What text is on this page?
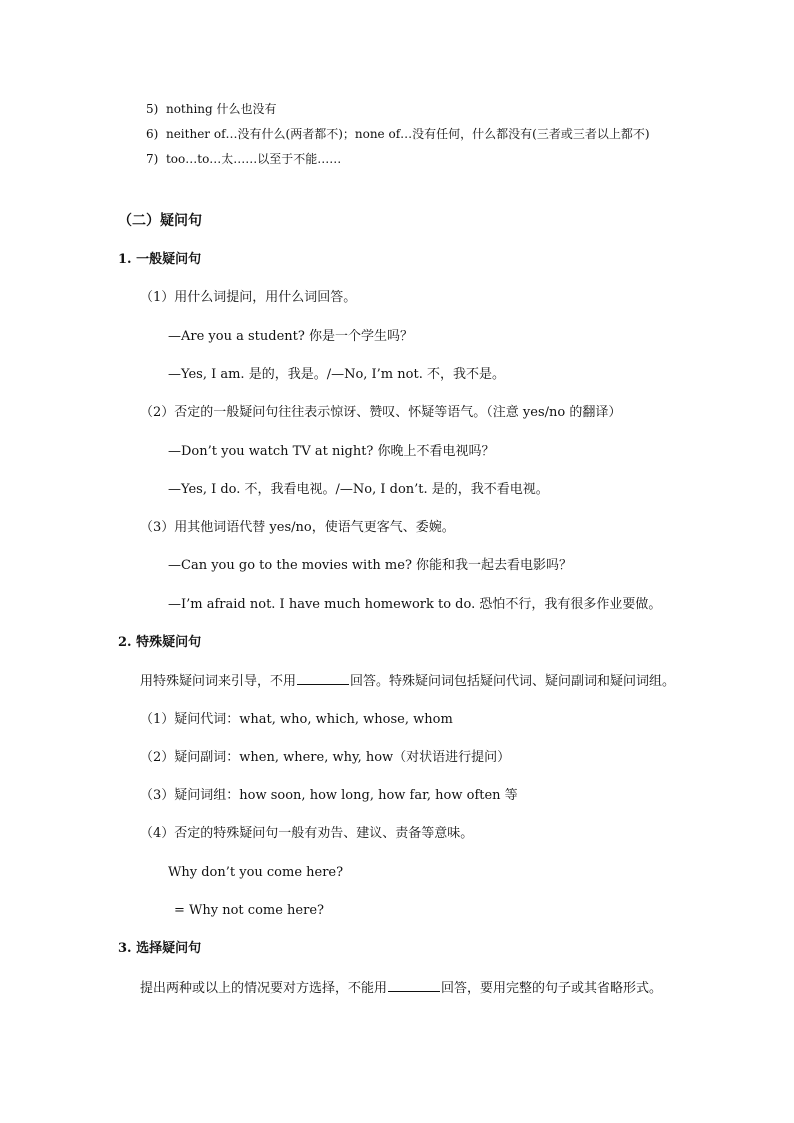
5) nothing 什么也没有
6) neither of…没有什么(两者都不)；none of…没有任何，什么都没有(三者或三者以上都不)
7) too…to…太……以至于不能……
（二）疑问句
1. 一般疑问句
（1）用什么词提问，用什么词回答。
—Are you a student? 你是一个学生吗？
—Yes, I am. 是的，我是。/—No, I’m not. 不，我不是。
（2）否定的一般疑问句往往表示惊讶、赞叹、怀疑等语气。（注意 yes/no 的翻译）
—Don’t you watch TV at night? 你晚上不看电视吗？
—Yes, I do. 不，我看电视。/—No, I don’t. 是的，我不看电视。
（3）用其他词语代替 yes/no，使语气更客气、委婉。
—Can you go to the movies with me? 你能和我一起去看电影吗？
—I’m afraid not. I have much homework to do. 恐怕不行，我有很多作业要做。
2. 特殊疑问句
用特殊疑问词来引导，不用	回答。特殊疑问词包括疑问代词、疑问副词和疑问词组。
（1）疑问代词：what, who, which, whose, whom
（2）疑问副词：when, where, why, how（对状语进行提问）
（3）疑问词组：how soon, how long, how far, how often 等
（4）否定的特殊疑问句一般有劝告、建议、责备等意味。
Why don’t you come here?
= Why not come here?
3. 选择疑问句
提出两种或以上的情况要对方选择，不能用	回答，要用完整的句子或其省略形式。
